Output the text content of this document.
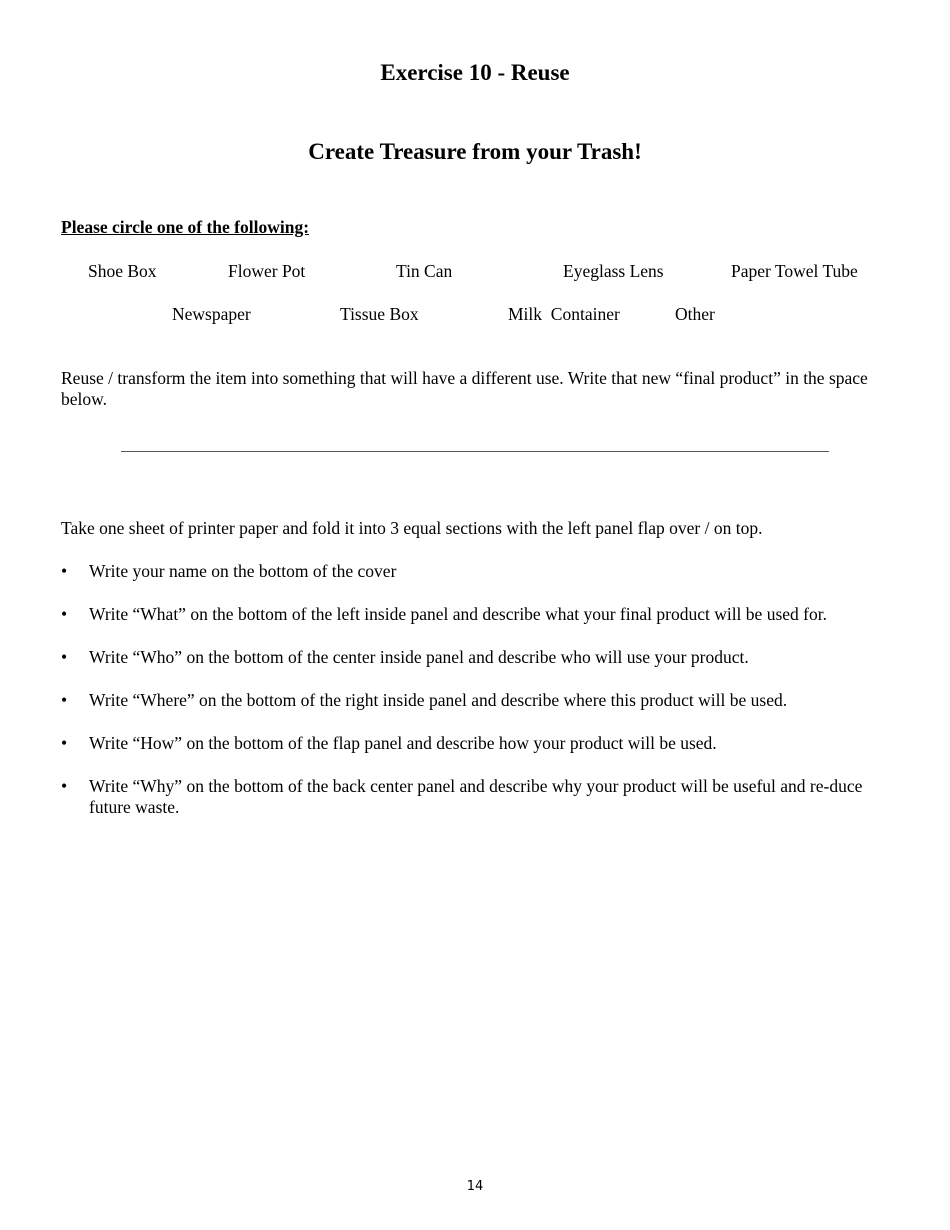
Exercise 10 - Reuse
Create Treasure from your Trash!
Please circle one of the following:
Shoe Box	Flower Pot	Tin Can	Eyeglass Lens	Paper Towel Tube
Newspaper	Tissue Box	Milk  Container	Other
Reuse / transform the item into something that will have a different use. Write that new “final product” in the space below.
Take one sheet of printer paper and fold it into 3 equal sections with the left panel flap over / on top.
•	Write your name on the bottom of the cover
•	Write “What” on the bottom of the left inside panel and describe what your final product will be used for.
•	Write “Who” on the bottom of the center inside panel and describe who will use your product.
•	Write “Where” on the bottom of the right inside panel and describe where this product will be used.
•	Write “How” on the bottom of the flap panel and describe how your product will be used.
•	Write “Why” on the bottom of the back center panel and describe why your product will be useful and re-duce future waste.
14
